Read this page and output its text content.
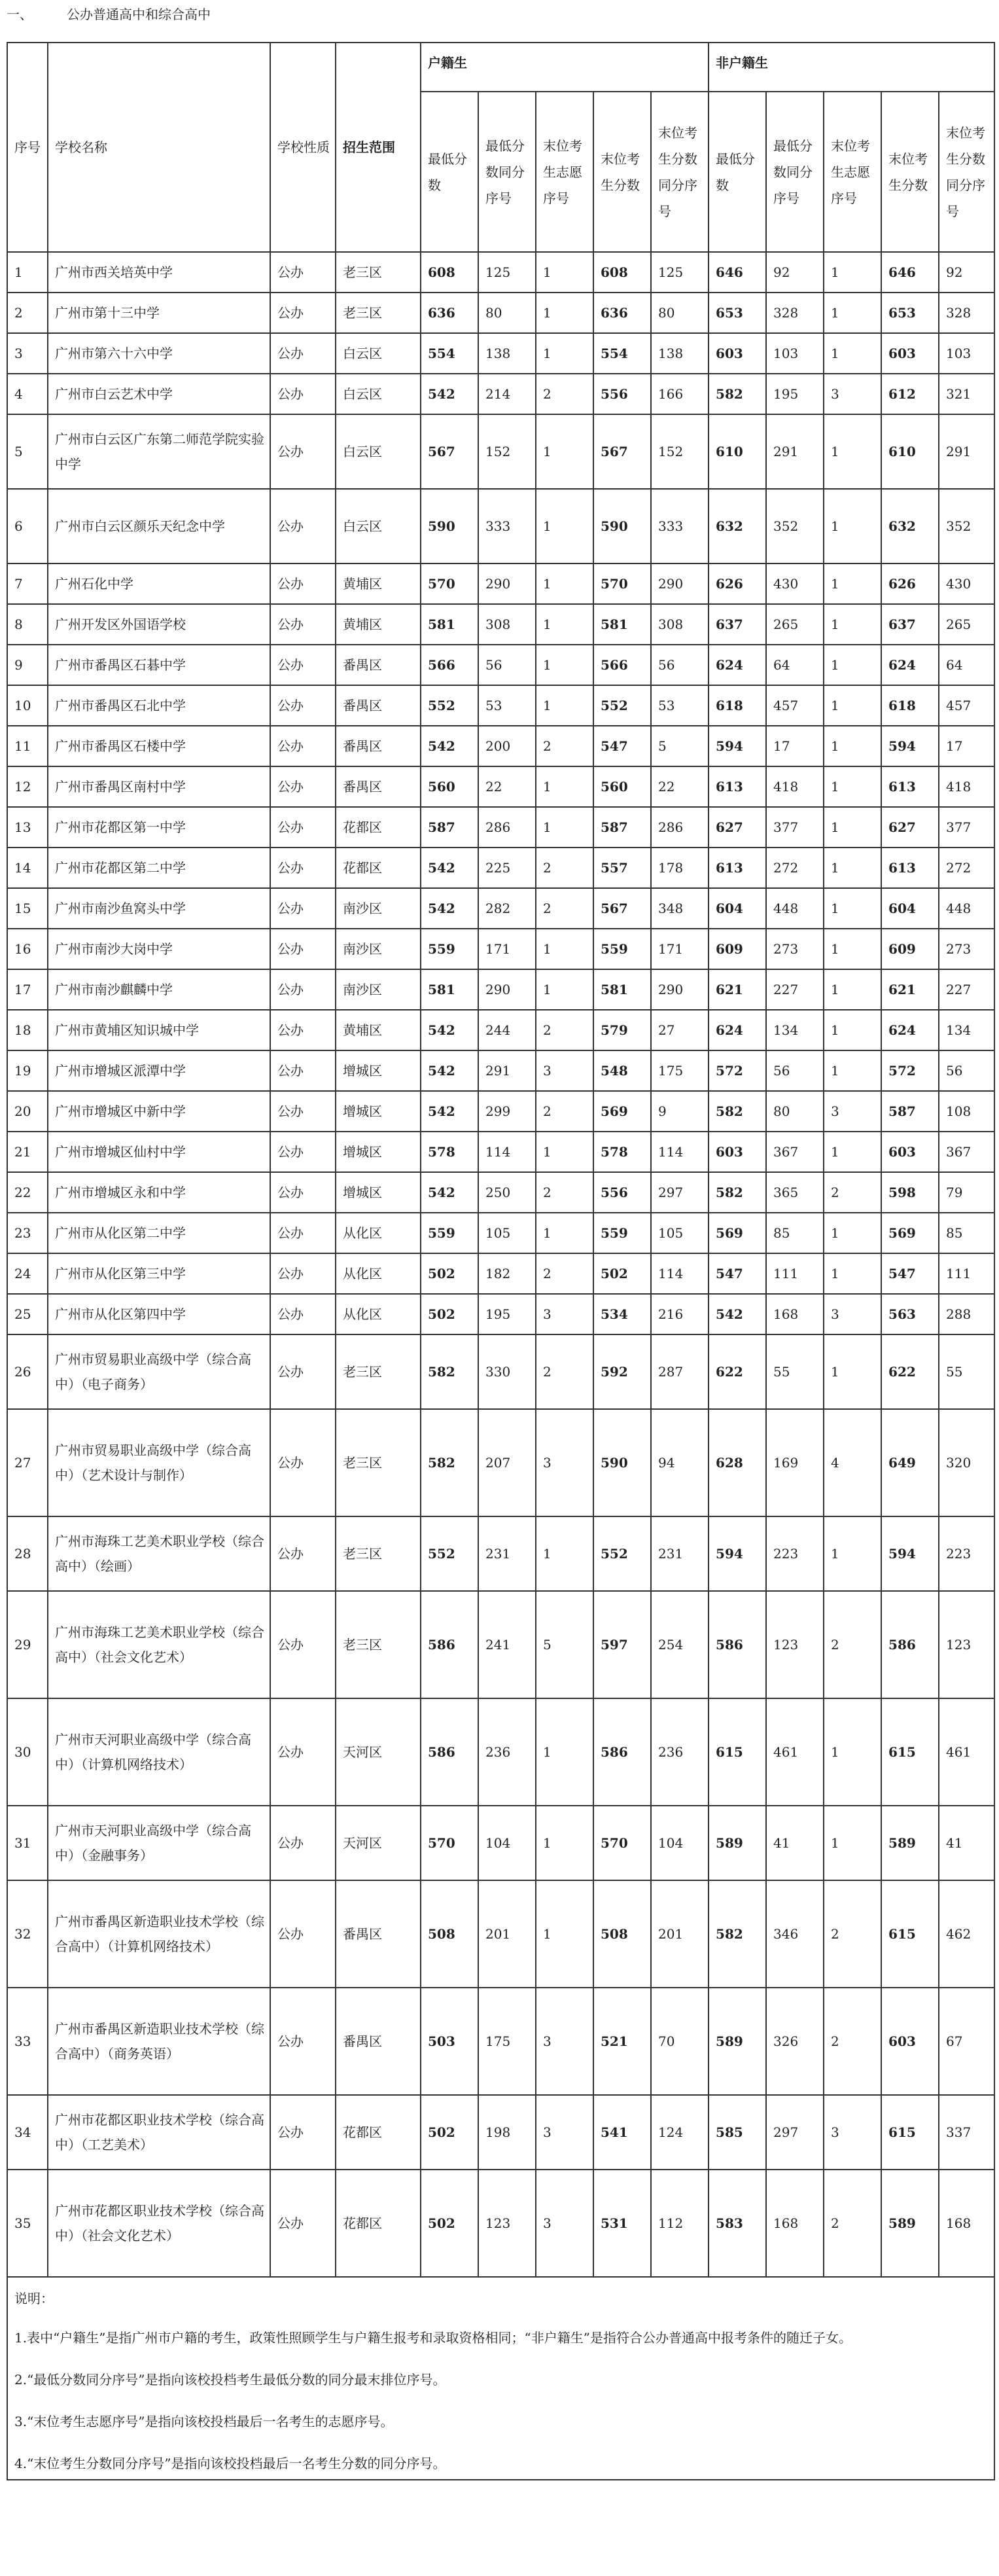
一、	公办普通高中和综合高中
序号	学校名称	学校性质	招生范围	户籍生					非户籍生				
				最低分数	最低分数同分序号	末位考生志愿序号	末位考生分数	末位考生分数同分序号	最低分数	最低分数同分序号	末位考生志愿序号	末位考生分数	末位考生分数同分序号
1	广州市西关培英中学	公办	老三区	608	125	1	608	125	646	92	1	646	92
2	广州市第十三中学	公办	老三区	636	80	1	636	80	653	328	1	653	328
3	广州市第六十六中学	公办	白云区	554	138	1	554	138	603	103	1	603	103
4	广州市白云艺术中学	公办	白云区	542	214	2	556	166	582	195	3	612	321
5	广州市白云区广东第二师范学院实验中学	公办	白云区	567	152	1	567	152	610	291	1	610	291
6	广州市白云区颜乐天纪念中学	公办	白云区	590	333	1	590	333	632	352	1	632	352
7	广州石化中学	公办	黄埔区	570	290	1	570	290	626	430	1	626	430
8	广州开发区外国语学校	公办	黄埔区	581	308	1	581	308	637	265	1	637	265
9	广州市番禺区石碁中学	公办	番禺区	566	56	1	566	56	624	64	1	624	64
10	广州市番禺区石北中学	公办	番禺区	552	53	1	552	53	618	457	1	618	457
11	广州市番禺区石楼中学	公办	番禺区	542	200	2	547	5	594	17	1	594	17
12	广州市番禺区南村中学	公办	番禺区	560	22	1	560	22	613	418	1	613	418
13	广州市花都区第一中学	公办	花都区	587	286	1	587	286	627	377	1	627	377
14	广州市花都区第二中学	公办	花都区	542	225	2	557	178	613	272	1	613	272
15	广州市南沙鱼窝头中学	公办	南沙区	542	282	2	567	348	604	448	1	604	448
16	广州市南沙大岗中学	公办	南沙区	559	171	1	559	171	609	273	1	609	273
17	广州市南沙麒麟中学	公办	南沙区	581	290	1	581	290	621	227	1	621	227
18	广州市黄埔区知识城中学	公办	黄埔区	542	244	2	579	27	624	134	1	624	134
19	广州市增城区派潭中学	公办	增城区	542	291	3	548	175	572	56	1	572	56
20	广州市增城区中新中学	公办	增城区	542	299	2	569	9	582	80	3	587	108
21	广州市增城区仙村中学	公办	增城区	578	114	1	578	114	603	367	1	603	367
22	广州市增城区永和中学	公办	增城区	542	250	2	556	297	582	365	2	598	79
23	广州市从化区第二中学	公办	从化区	559	105	1	559	105	569	85	1	569	85
24	广州市从化区第三中学	公办	从化区	502	182	2	502	114	547	111	1	547	111
25	广州市从化区第四中学	公办	从化区	502	195	3	534	216	542	168	3	563	288
26	广州市贸易职业高级中学（综合高中）（电子商务）	公办	老三区	582	330	2	592	287	622	55	1	622	55
27	广州市贸易职业高级中学（综合高中）（艺术设计与制作）	公办	老三区	582	207	3	590	94	628	169	4	649	320
28	广州市海珠工艺美术职业学校（综合高中）（绘画）	公办	老三区	552	231	1	552	231	594	223	1	594	223
29	广州市海珠工艺美术职业学校（综合高中）（社会文化艺术）	公办	老三区	586	241	5	597	254	586	123	2	586	123
30	广州市天河职业高级中学（综合高中）（计算机网络技术）	公办	天河区	586	236	1	586	236	615	461	1	615	461
31	广州市天河职业高级中学（综合高中）（金融事务）	公办	天河区	570	104	1	570	104	589	41	1	589	41
32	广州市番禺区新造职业技术学校（综合高中）（计算机网络技术）	公办	番禺区	508	201	1	508	201	582	346	2	615	462
33	广州市番禺区新造职业技术学校（综合高中）（商务英语）	公办	番禺区	503	175	3	521	70	589	326	2	603	67
34	广州市花都区职业技术学校（综合高中）（工艺美术）	公办	花都区	502	198	3	541	124	585	297	3	615	337
35	广州市花都区职业技术学校（综合高中）（社会文化艺术）	公办	花都区	502	123	3	531	112	583	168	2	589	168

说明：
1.表中“户籍生”是指广州市户籍的考生，政策性照顾学生与户籍生报考和录取资格相同；“非户籍生”是指符合公办普通高中报考条件的随迁子女。
2.“最低分数同分序号”是指向该校投档考生最低分数的同分最末排位序号。
3.“末位考生志愿序号”是指向该校投档最后一名考生的志愿序号。
4.“末位考生分数同分序号”是指向该校投档最后一名考生分数的同分序号。													
